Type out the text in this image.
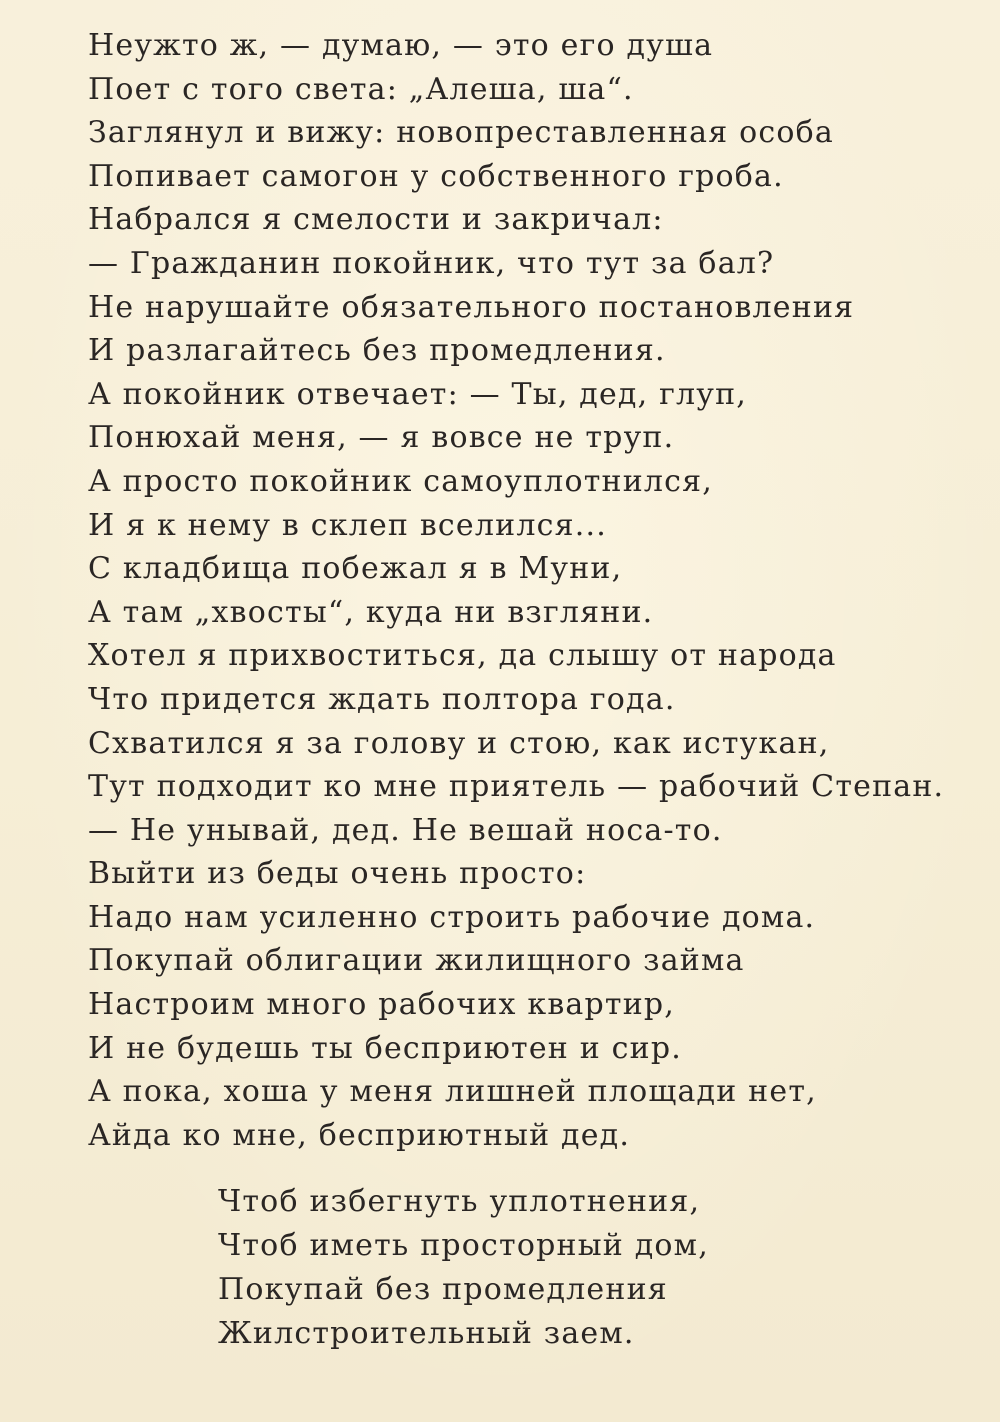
Неужто ж, — думаю, — это его душа
Поет с того света: „Алеша, ша“.
Заглянул и вижу: новопреставленная особа
Попивает самогон у собственного гроба.
Набрался я смелости и закричал:
— Гражданин покойник, что тут за бал?
Не нарушайте обязательного постановления
И разлагайтесь без промедления.
А покойник отвечает: — Ты, дед, глуп,
Понюхай меня, — я вовсе не труп.
А просто покойник самоуплотнился,
И я к нему в склеп вселился...
С кладбища побежал я в Муни,
А там „хвосты“, куда ни взгляни.
Хотел я прихвоститься, да слышу от народа
Что придется ждать полтора года.
Схватился я за голову и стою, как истукан,
Тут подходит ко мне приятель — рабочий Степан.
— Не унывай, дед. Не вешай носа-то.
Выйти из беды очень просто:
Надо нам усиленно строить рабочие дома.
Покупай облигации жилищного займа
Настроим много рабочих квартир,
И не будешь ты бесприютен и сир.
А пока, хоша у меня лишней площади нет,
Айда ко мне, бесприютный дед.
Чтоб избегнуть уплотнения,
Чтоб иметь просторный дом,
Покупай без промедления
Жилстроительный заем.
